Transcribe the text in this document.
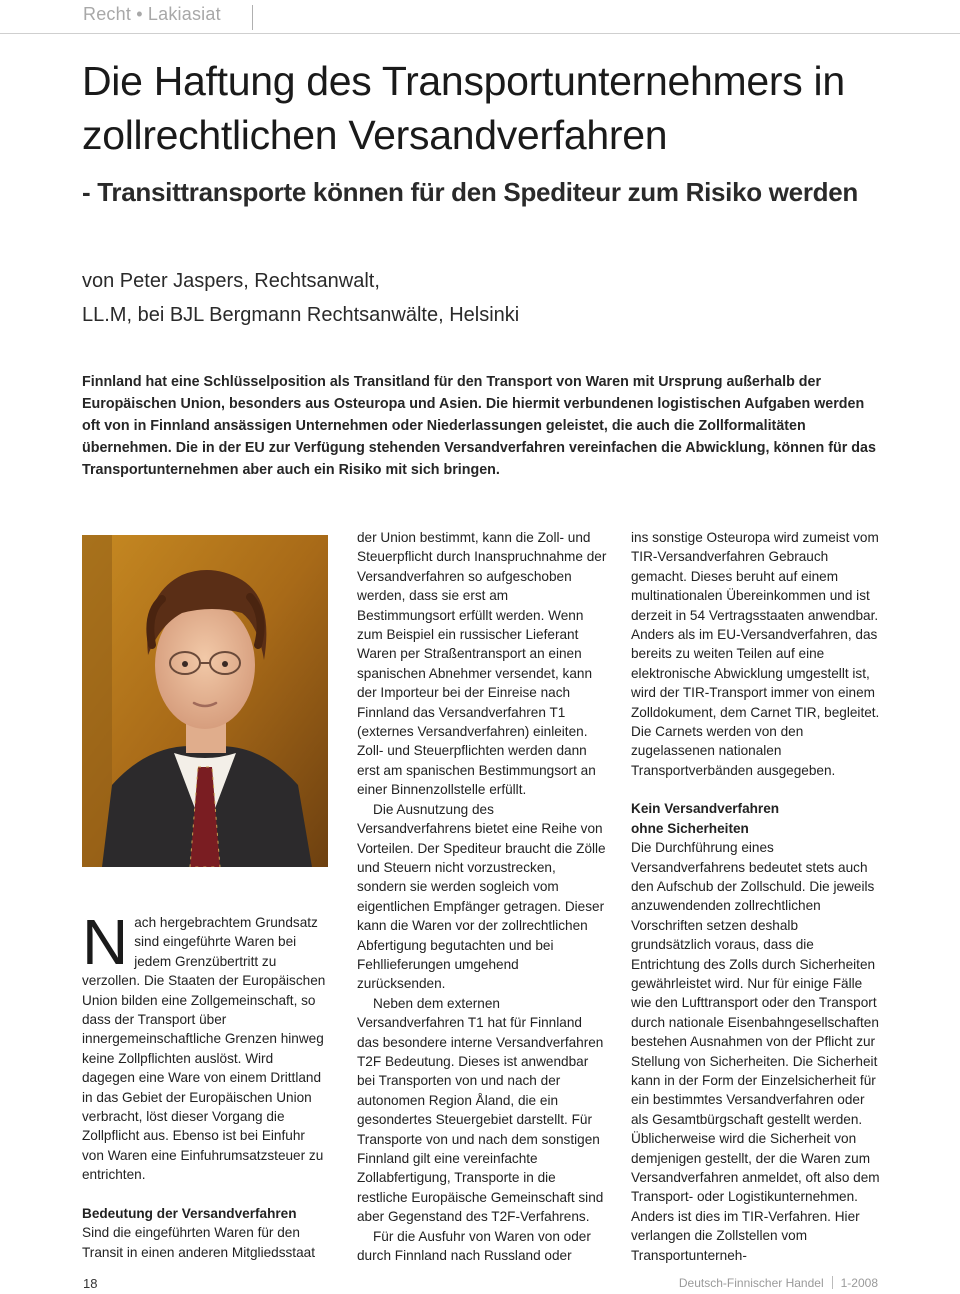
Recht • Lakiasiat
Die Haftung des Transportunternehmers in zollrechtlichen Versandverfahren
- Transittransporte können für den Spediteur zum Risiko werden
von Peter Jaspers, Rechtsanwalt,
LL.M, bei BJL Bergmann Rechtsanwälte, Helsinki

Finnland hat eine Schlüsselposition als Transitland für den Transport von Waren mit Ursprung außerhalb der Europäischen Union, besonders aus Osteuropa und Asien. Die hiermit verbundenen logistischen Aufgaben werden oft von in Finnland ansässigen Unternehmen oder Niederlassungen geleistet, die auch die Zollformalitäten übernehmen. Die in der EU zur Verfügung stehenden Versandverfahren vereinfachen die Abwicklung, können für das Transportunternehmen aber auch ein Risiko mit sich bringen.

N ach hergebrachtem Grundsatz sind eingeführte Waren bei jedem Grenzübertritt zu verzollen. Die Staaten der Europäischen Union bilden eine Zollgemeinschaft, so dass der Transport über innergemeinschaftliche Grenzen hinweg keine Zollpflichten auslöst. Wird dagegen eine Ware von einem Drittland in das Gebiet der Europäischen Union verbracht, löst dieser Vorgang die Zollpflicht aus. Ebenso ist bei Einfuhr von Waren eine Einfuhrumsatzsteuer zu entrichten.

Bedeutung der Versandverfahren

Sind die eingeführten Waren für den Transit in einen anderen Mitgliedsstaat

der Union bestimmt, kann die Zoll- und Steuerpflicht durch Inanspruchnahme der Versandverfahren so aufgeschoben werden, dass sie erst am Bestimmungsort erfüllt werden. Wenn zum Beispiel ein russischer Lieferant Waren per Straßentransport an einen spanischen Abnehmer versendet, kann der Importeur bei der Einreise nach Finnland das Versandverfahren T1 (externes Versandverfahren) einleiten. Zoll- und Steuerpflichten werden dann erst am spanischen Bestimmungsort an einer Binnenzollstelle erfüllt.

Die Ausnutzung des Versandverfahrens bietet eine Reihe von Vorteilen. Der Spediteur braucht die Zölle und Steuern nicht vorzustrecken, sondern sie werden sogleich vom eigentlichen Empfänger getragen. Dieser kann die Waren vor der zollrechtlichen Abfertigung begutachten und bei Fehllieferungen umgehend zurücksenden.

Neben dem externen Versandverfahren T1 hat für Finnland das besondere interne Versandverfahren T2F Bedeutung. Dieses ist anwendbar bei Transporten von und nach der autonomen Region Åland, die ein gesondertes Steuergebiet darstellt. Für Transporte von und nach dem sonstigen Finnland gilt eine vereinfachte Zollabfertigung, Transporte in die restliche Europäische Gemeinschaft sind aber Gegenstand des T2F-Verfahrens.

Für die Ausfuhr von Waren von oder durch Finnland nach Russland oder

ins sonstige Osteuropa wird zumeist vom TIR-Versandverfahren Gebrauch gemacht. Dieses beruht auf einem multinationalen Übereinkommen und ist derzeit in 54 Vertragsstaaten anwendbar. Anders als im EU-Versandverfahren, das bereits zu weiten Teilen auf eine elektronische Abwicklung umgestellt ist, wird der TIR-Transport immer von einem Zolldokument, dem Carnet TIR, begleitet. Die Carnets werden von den zugelassenen nationalen Transportverbänden ausgegeben.

Kein Versandverfahren
ohne Sicherheiten

Die Durchführung eines Versandverfahrens bedeutet stets auch den Aufschub der Zollschuld. Die jeweils anzuwendenden zollrechtlichen Vorschriften setzen deshalb grundsätzlich voraus, dass die Entrichtung des Zolls durch Sicherheiten gewährleistet wird. Nur für einige Fälle wie den Lufttransport oder den Transport durch nationale Eisenbahngesellschaften bestehen Ausnahmen von der Pflicht zur Stellung von Sicherheiten. Die Sicherheit kann in der Form der Einzelsicherheit für ein bestimmtes Versandverfahren oder als Gesamtbürgschaft gestellt werden. Üblicherweise wird die Sicherheit von demjenigen gestellt, der die Waren zum Versandverfahren anmeldet, oft also dem Transport- oder Logistikunternehmen. Anders ist dies im TIR-Verfahren. Hier verlangen die Zollstellen vom Transportunterneh-

18	Deutsch-Finnischer Handel 1-2008
